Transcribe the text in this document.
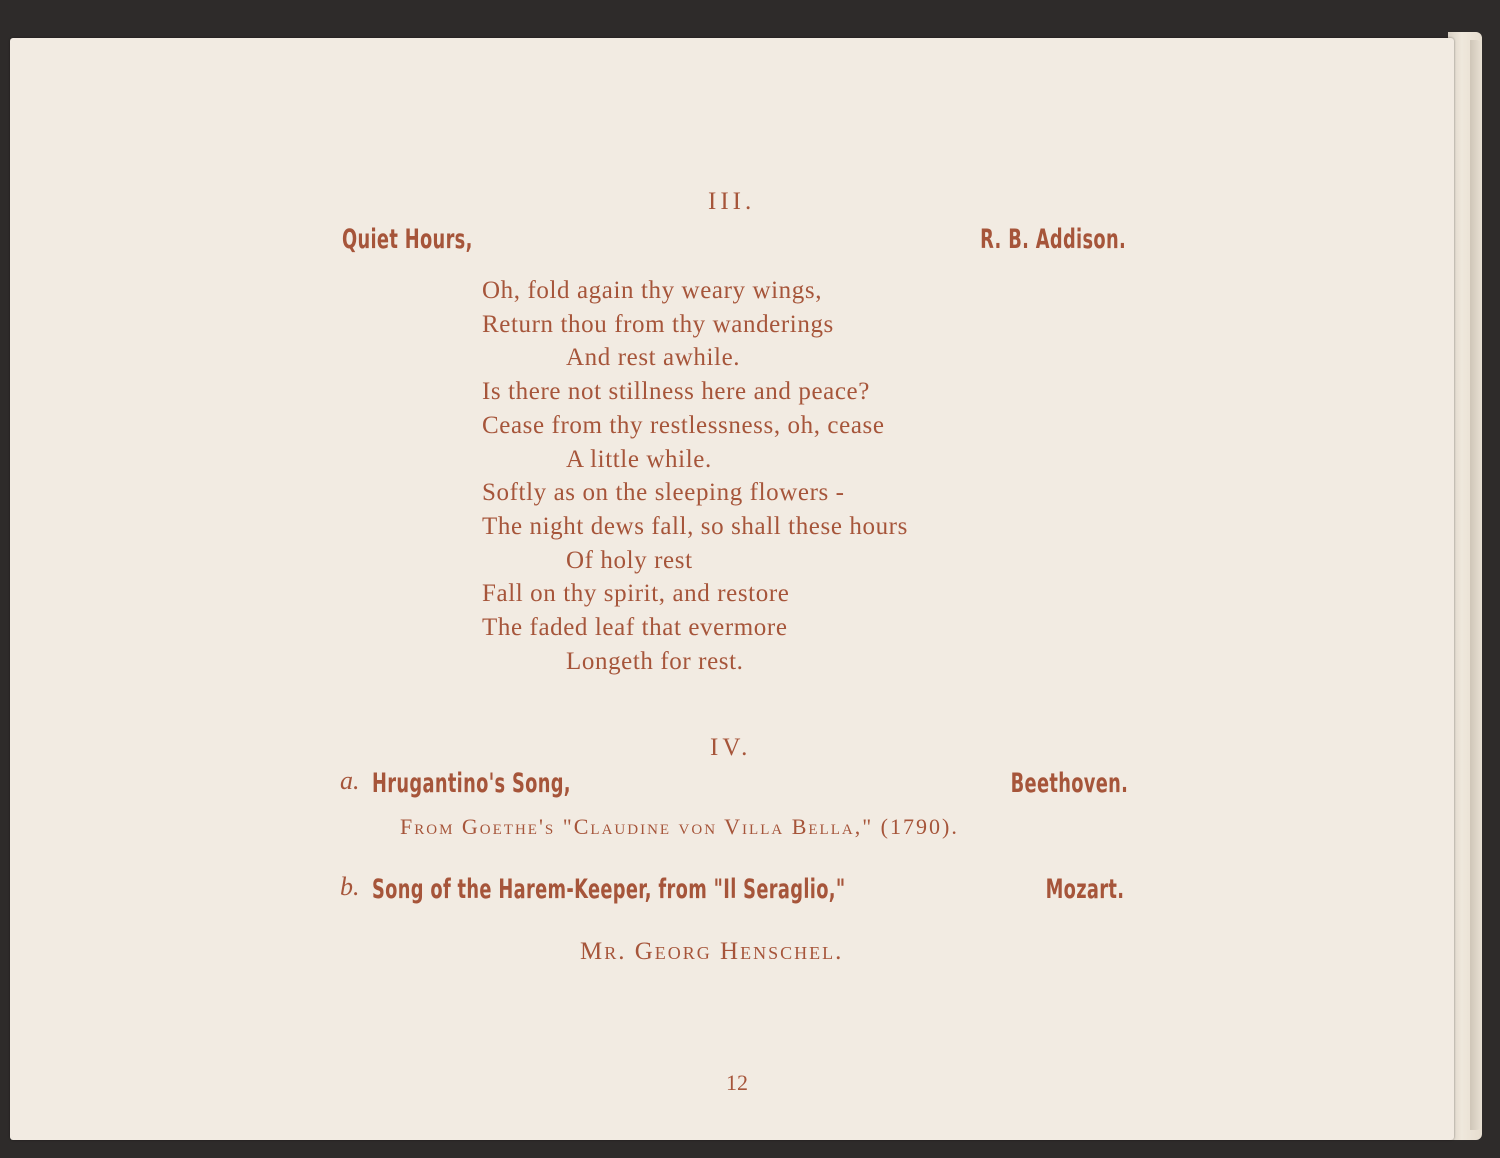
III.
Quiet Hours,	R. B. Addison.
Oh, fold again thy weary wings,
Return thou from thy wanderings
And rest awhile.
Is there not stillness here and peace?
Cease from thy restlessness, oh, cease
A little while.
Softly as on the sleeping flowers -
The night dews fall, so shall these hours
Of holy rest
Fall on thy spirit, and restore
The faded leaf that evermore
Longeth for rest.
IV.
a. Hrugantino's Song,	Beethoven.
From Goethe's "Claudine von Villa Bella," (1790).
b. Song of the Harem-Keeper, from "Il Seraglio,"	Mozart.
Mr. Georg Henschel.
12
